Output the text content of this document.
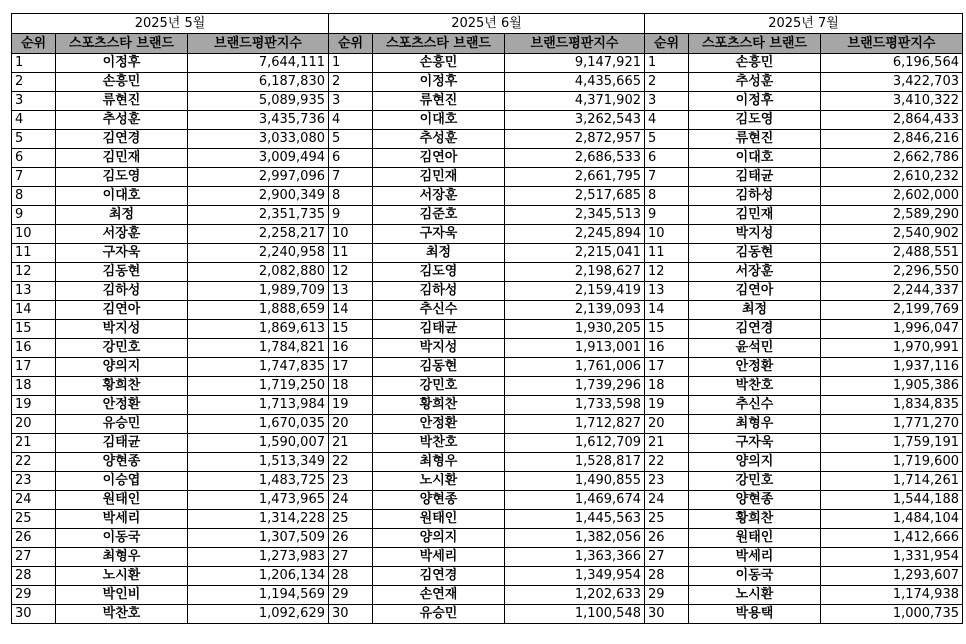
2025년 5월		
순위	스포츠스타 브랜드	브랜드평판지수
1	이정후	7,644,111
2	손흥민	6,187,830
3	류현진	5,089,935
4	추성훈	3,435,736
5	김연경	3,033,080
6	김민재	3,009,494
7	김도영	2,997,096
8	이대호	2,900,349
9	최정	2,351,735
10	서장훈	2,258,217
11	구자욱	2,240,958
12	김동현	2,082,880
13	김하성	1,989,709
14	김연아	1,888,659
15	박지성	1,869,613
16	강민호	1,784,821
17	양의지	1,747,835
18	황희찬	1,719,250
19	안정환	1,713,984
20	유승민	1,670,035
21	김태균	1,590,007
22	양현종	1,513,349
23	이승엽	1,483,725
24	원태인	1,473,965
25	박세리	1,314,228
26	이동국	1,307,509
27	최형우	1,273,983
28	노시환	1,206,134
29	박인비	1,194,569
30	박찬호	1,092,629
2025년 6월		
순위	스포츠스타 브랜드	브랜드평판지수
1	손흥민	9,147,921
2	이정후	4,435,665
3	류현진	4,371,902
4	이대호	3,262,543
5	추성훈	2,872,957
6	김연아	2,686,533
7	김민재	2,661,795
8	서장훈	2,517,685
9	김준호	2,345,513
10	구자욱	2,245,894
11	최정	2,215,041
12	김도영	2,198,627
13	김하성	2,159,419
14	추신수	2,139,093
15	김태균	1,930,205
16	박지성	1,913,001
17	김동현	1,761,006
18	강민호	1,739,296
19	황희찬	1,733,598
20	안정환	1,712,827
21	박찬호	1,612,709
22	최형우	1,528,817
23	노시환	1,490,855
24	양현종	1,469,674
25	원태인	1,445,563
26	양의지	1,382,056
27	박세리	1,363,366
28	김연경	1,349,954
29	손연재	1,202,633
30	유승민	1,100,548
2025년 7월		
순위	스포츠스타 브랜드	브랜드평판지수
1	손흥민	6,196,564
2	추성훈	3,422,703
3	이정후	3,410,322
4	김도영	2,864,433
5	류현진	2,846,216
6	이대호	2,662,786
7	김태균	2,610,232
8	김하성	2,602,000
9	김민재	2,589,290
10	박지성	2,540,902
11	김동현	2,488,551
12	서장훈	2,296,550
13	김연아	2,244,337
14	최정	2,199,769
15	김연경	1,996,047
16	윤석민	1,970,991
17	안정환	1,937,116
18	박찬호	1,905,386
19	추신수	1,834,835
20	최형우	1,771,270
21	구자욱	1,759,191
22	양의지	1,719,600
23	강민호	1,714,261
24	양현종	1,544,188
25	황희찬	1,484,104
26	원태인	1,412,666
27	박세리	1,331,954
28	이동국	1,293,607
29	노시환	1,174,938
30	박용택	1,000,735
